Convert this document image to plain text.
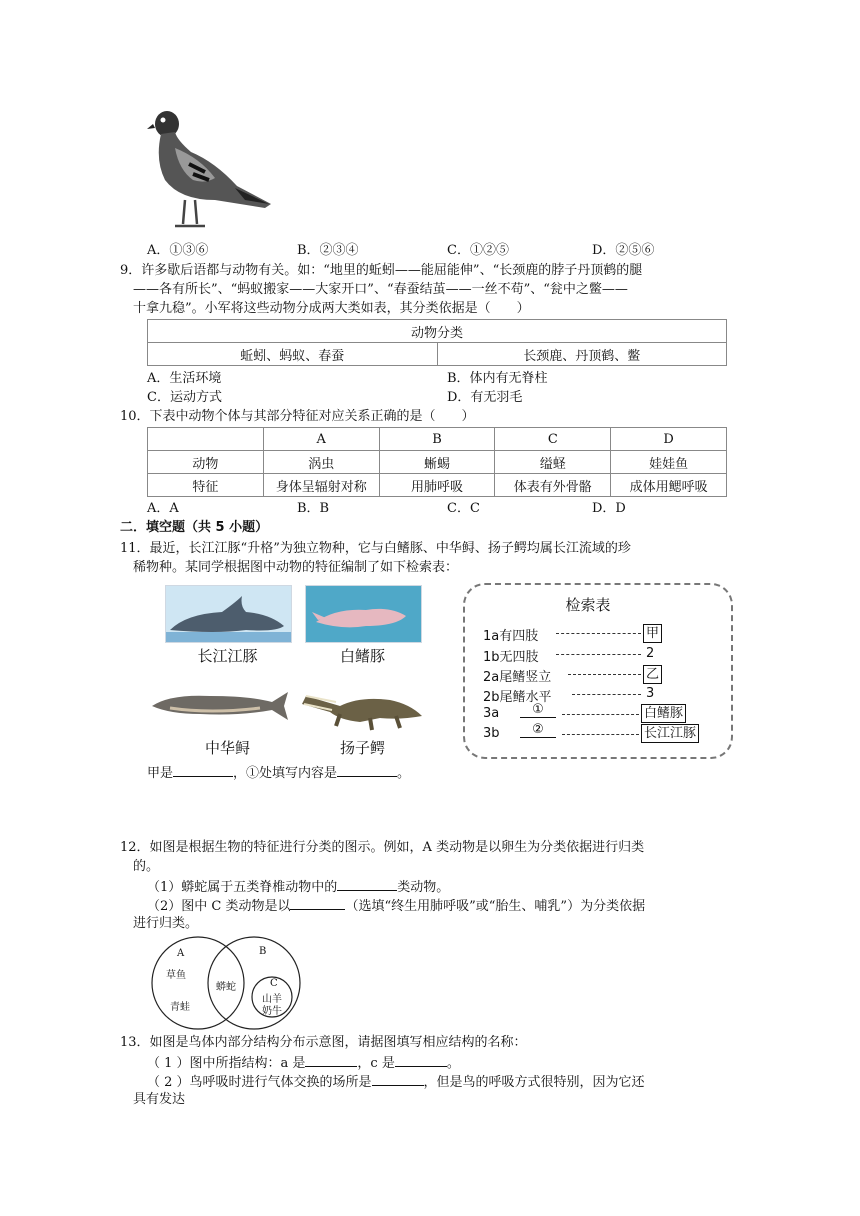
A．①③⑥	B．②③④	C．①②⑤	D．②⑤⑥
9．许多歇后语都与动物有关。如：“地里的蚯蚓——能屈能伸”、“长颈鹿的脖子丹顶鹤的腿
——各有所长”、“蚂蚁搬家——大家开口”、“春蚕结茧——一丝不苟”、“瓮中之鳖——
十拿九稳”。小军将这些动物分成两大类如表，其分类依据是（　　）
动物分类
蚯蚓、蚂蚁、春蚕	长颈鹿、丹顶鹤、鳖
A．生活环境	B．体内有无脊柱
C．运动方式	D．有无羽毛
10．下表中动物个体与其部分特征对应关系正确的是（　　）
	A	B	C	D
动物	涡虫	蜥蜴	缢蛏	娃娃鱼
特征	身体呈辐射对称	用肺呼吸	体表有外骨骼	成体用鳃呼吸
A．A	B．B	C．C	D．D
二．填空题（共 5 小题）
11．最近，长江江豚“升格”为独立物种，它与白鳍豚、中华鲟、扬子鳄均属长江流域的珍
稀物种。某同学根据图中动物的特征编制了如下检索表：
长江江豚	白鳍豚
中华鲟	扬子鳄
检索表
1a有四肢	甲
1b无四肢	2
2a尾鳍竖立	乙
2b尾鳍水平	3
3a	①	白鳍豚
3b	②	长江江豚
甲是	，①处填写内容是	。
12．如图是根据生物的特征进行分类的图示。例如，A 类动物是以卵生为分类依据进行归类
的。
（1）蟒蛇属于五类脊椎动物中的	类动物。
（2）图中 C 类动物是以	（选填“终生用肺呼吸”或“胎生、哺乳”）为分类依据
进行归类。
A	B
C
草鱼
青蛙
蟒蛇
山羊
奶牛
13．如图是鸟体内部分结构分布示意图，请据图填写相应结构的名称：
（ 1 ）图中所指结构：a 是	，c 是	。
（ 2 ）鸟呼吸时进行气体交换的场所是	，但是鸟的呼吸方式很特别，因为它还
具有发达
